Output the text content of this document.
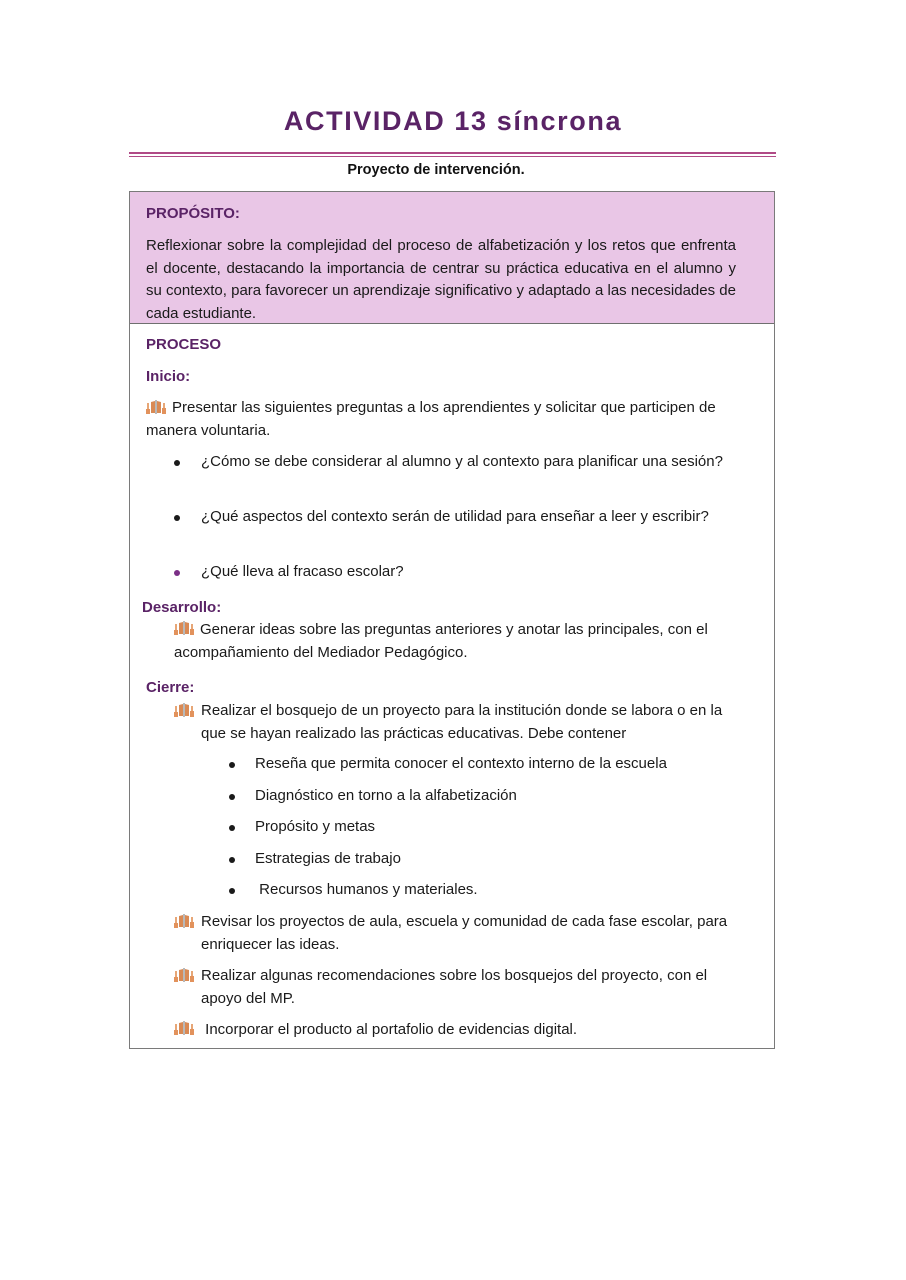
ACTIVIDAD 13 síncrona
Proyecto de intervención.
PROPÓSITO:
Reflexionar sobre la complejidad del proceso de alfabetización y los retos que enfrenta el docente, destacando la importancia de centrar su práctica educativa en el alumno y su contexto, para favorecer un aprendizaje significativo y adaptado a las necesidades de cada estudiante.
PROCESO
Inicio:
Presentar las siguientes preguntas a los aprendientes y solicitar que participen de manera voluntaria.
¿Cómo se debe considerar al alumno y al contexto para planificar una sesión?
¿Qué aspectos del contexto serán de utilidad para enseñar a leer y escribir?
¿Qué lleva al fracaso escolar?
Desarrollo:
Generar ideas sobre las preguntas anteriores y anotar las principales, con el acompañamiento del Mediador Pedagógico.
Cierre:
Realizar el bosquejo de un proyecto para la institución donde se labora o en la que se hayan realizado las prácticas educativas. Debe contener
Reseña que permita conocer el contexto interno de la escuela
Diagnóstico en torno a la alfabetización
Propósito y metas
Estrategias de trabajo
Recursos humanos y materiales.
Revisar los proyectos de aula, escuela y comunidad de cada fase escolar, para enriquecer las ideas.
Realizar algunas recomendaciones sobre los bosquejos del proyecto, con el apoyo del MP.
Incorporar el producto al portafolio de evidencias digital.
